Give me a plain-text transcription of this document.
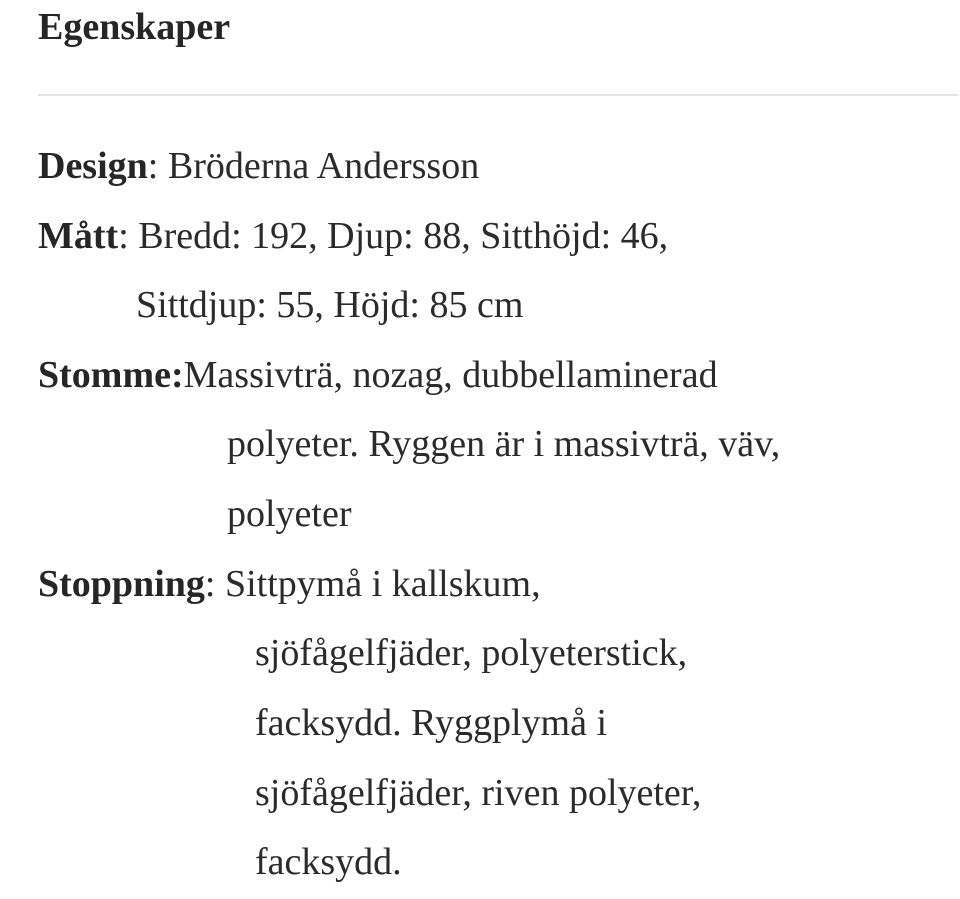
Egenskaper

Design: Bröderna Andersson

Mått: Bredd: 192, Djup: 88, Sitthöjd: 46,

Sittdjup: 55, Höjd: 85 cm

Stomme:Massivträ, nozag, dubbellaminerad

polyeter. Ryggen är i massivträ, väv,

polyeter

Stoppning: Sittpymå i kallskum,

sjöfågelfjäder, polyeterstick,

facksydd. Ryggplymå i

sjöfågelfjäder, riven polyeter,

facksydd.
